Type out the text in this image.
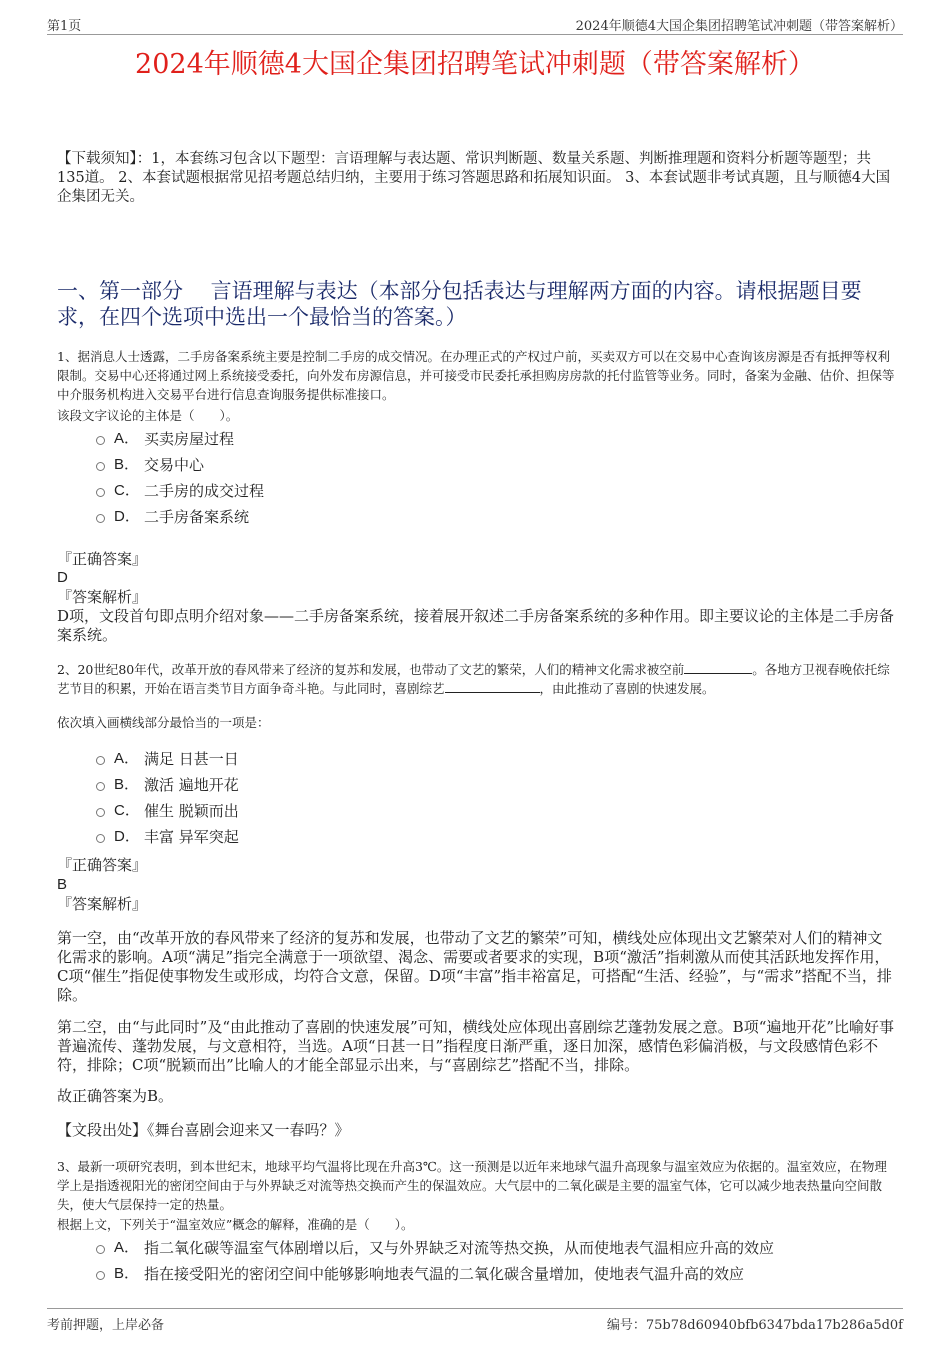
第1页	2024年顺德4大国企集团招聘笔试冲刺题（带答案解析）
2024年顺德4大国企集团招聘笔试冲刺题（带答案解析）
【下载须知】：1，本套练习包含以下题型：言语理解与表达题、常识判断题、数量关系题、判断推理题和资料分析题等题型；共135道。 2、本套试题根据常见招考题总结归纳，主要用于练习答题思路和拓展知识面。 3、本套试题非考试真题，且与顺德4大国企集团无关。
一、第一部分　 言语理解与表达（本部分包括表达与理解两方面的内容。请根据题目要求，在四个选项中选出一个最恰当的答案。）
1、据消息人士透露，二手房备案系统主要是控制二手房的成交情况。在办理正式的产权过户前，买卖双方可以在交易中心查询该房源是否有抵押等权利限制。交易中心还将通过网上系统接受委托，向外发布房源信息，并可接受市民委托承担购房房款的托付监管等业务。同时，备案为金融、估价、担保等中介服务机构进入交易平台进行信息查询服务提供标准接口。
该段文字议论的主体是（　　）。
A． 买卖房屋过程
B． 交易中心
C． 二手房的成交过程
D． 二手房备案系统
『正确答案』
D
『答案解析』
D项，文段首句即点明介绍对象——二手房备案系统，接着展开叙述二手房备案系统的多种作用。即主要议论的主体是二手房备案系统。
2、20世纪80年代，改革开放的春风带来了经济的复苏和发展，也带动了文艺的繁荣，人们的精神文化需求被空前	。各地方卫视春晚依托综艺节目的积累，开始在语言类节目方面争奇斗艳。与此同时，喜剧综艺	，由此推动了喜剧的快速发展。
依次填入画横线部分最恰当的一项是：
A． 满足 日甚一日
B． 激活 遍地开花
C． 催生 脱颖而出
D． 丰富 异军突起
『正确答案』
B
『答案解析』
第一空，由“改革开放的春风带来了经济的复苏和发展，也带动了文艺的繁荣”可知，横线处应体现出文艺繁荣对人们的精神文化需求的影响。A项“满足”指完全满意于一项欲望、渴念、需要或者要求的实现，B项“激活”指刺激从而使其活跃地发挥作用，C项“催生”指促使事物发生或形成，均符合文意，保留。D项“丰富”指丰裕富足，可搭配“生活、经验”，与“需求”搭配不当，排除。
第二空，由“与此同时”及“由此推动了喜剧的快速发展”可知，横线处应体现出喜剧综艺蓬勃发展之意。B项“遍地开花”比喻好事普遍流传、蓬勃发展，与文意相符，当选。A项“日甚一日”指程度日渐严重，逐日加深，感情色彩偏消极，与文段感情色彩不符，排除；C项“脱颖而出”比喻人的才能全部显示出来，与“喜剧综艺”搭配不当，排除。
故正确答案为B。
【文段出处】《舞台喜剧会迎来又一春吗？》
3、最新一项研究表明，到本世纪末，地球平均气温将比现在升高3℃。这一预测是以近年来地球气温升高现象与温室效应为依据的。温室效应，在物理学上是指透视阳光的密闭空间由于与外界缺乏对流等热交换而产生的保温效应。大气层中的二氧化碳是主要的温室气体，它可以减少地表热量向空间散失，使大气层保持一定的热量。
根据上文，下列关于“温室效应”概念的解释，准确的是（　　）。
A． 指二氧化碳等温室气体剧增以后，又与外界缺乏对流等热交换，从而使地表气温相应升高的效应
B． 指在接受阳光的密闭空间中能够影响地表气温的二氧化碳含量增加，使地表气温升高的效应
考前押题，上岸必备	编号：75b78d60940bfb6347bda17b286a5d0f
